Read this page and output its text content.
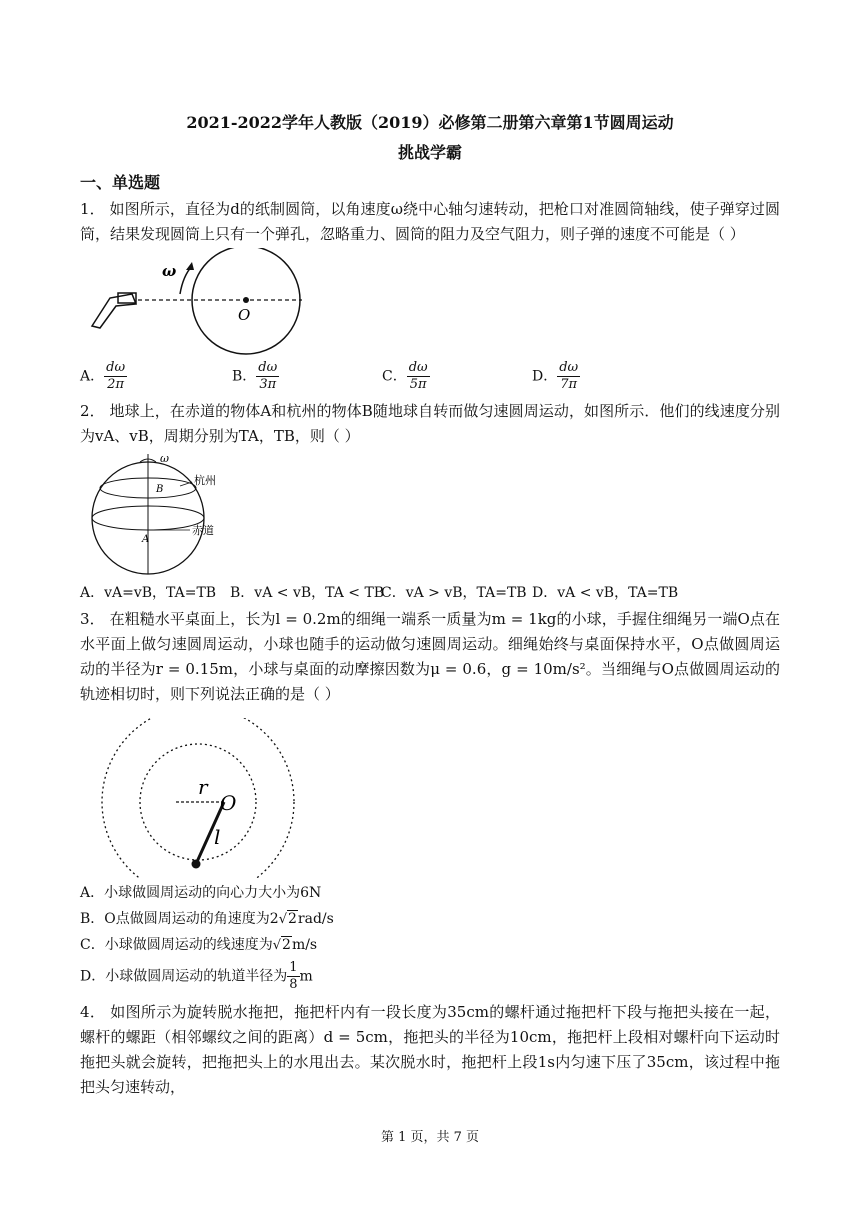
2021-2022学年人教版（2019）必修第二册第六章第1节圆周运动
挑战学霸
一、单选题
1． 如图所示，直径为d的纸制圆筒，以角速度ω绕中心轴匀速转动，把枪口对准圆筒轴线，使子弹穿过圆筒，结果发现圆筒上只有一个弹孔，忽略重力、圆筒的阻力及空气阻力，则子弹的速度不可能是（ ）
ω
O
A． $\frac{d\omega}{2\pi}$	B． $\frac{d\omega}{3\pi}$	C． $\frac{d\omega}{5\pi}$	D． $\frac{d\omega}{7\pi}$
2． 地球上，在赤道的物体A和杭州的物体B随地球自转而做匀速圆周运动，如图所示．他们的线速度分别为vA、vB，周期分别为TA，TB，则（ ）
ω
B
A
杭州
赤道
A．vA=vB，TA=TB B．vA < vB，TA < TB
C．vA > vB，TA=TB D．vA < vB，TA=TB
3． 在粗糙水平桌面上，长为l = 0.2m的细绳一端系一质量为m = 1kg的小球，手握住细绳另一端O点在水平面上做匀速圆周运动，小球也随手的运动做匀速圆周运动。细绳始终与桌面保持水平，O点做圆周运动的半径为r = 0.15m，小球与桌面的动摩擦因数为μ = 0.6，g = 10m/s²。当细绳与O点做圆周运动的轨迹相切时，则下列说法正确的是（ ）
r
O
l
A．小球做圆周运动的向心力大小为6N
B．O点做圆周运动的角速度为2√2rad/s
C．小球做圆周运动的线速度为√2m/s
D．小球做圆周运动的轨道半径为 $\frac{1}{8}$ m
4． 如图所示为旋转脱水拖把，拖把杆内有一段长度为35cm的螺杆通过拖把杆下段与拖把头接在一起，螺杆的螺距（相邻螺纹之间的距离）d = 5cm，拖把头的半径为10cm，拖把杆上段相对螺杆向下运动时拖把头就会旋转，把拖把头上的水甩出去。某次脱水时，拖把杆上段1s内匀速下压了35cm，该过程中拖把头匀速转动，
第 1 页，共 7 页
